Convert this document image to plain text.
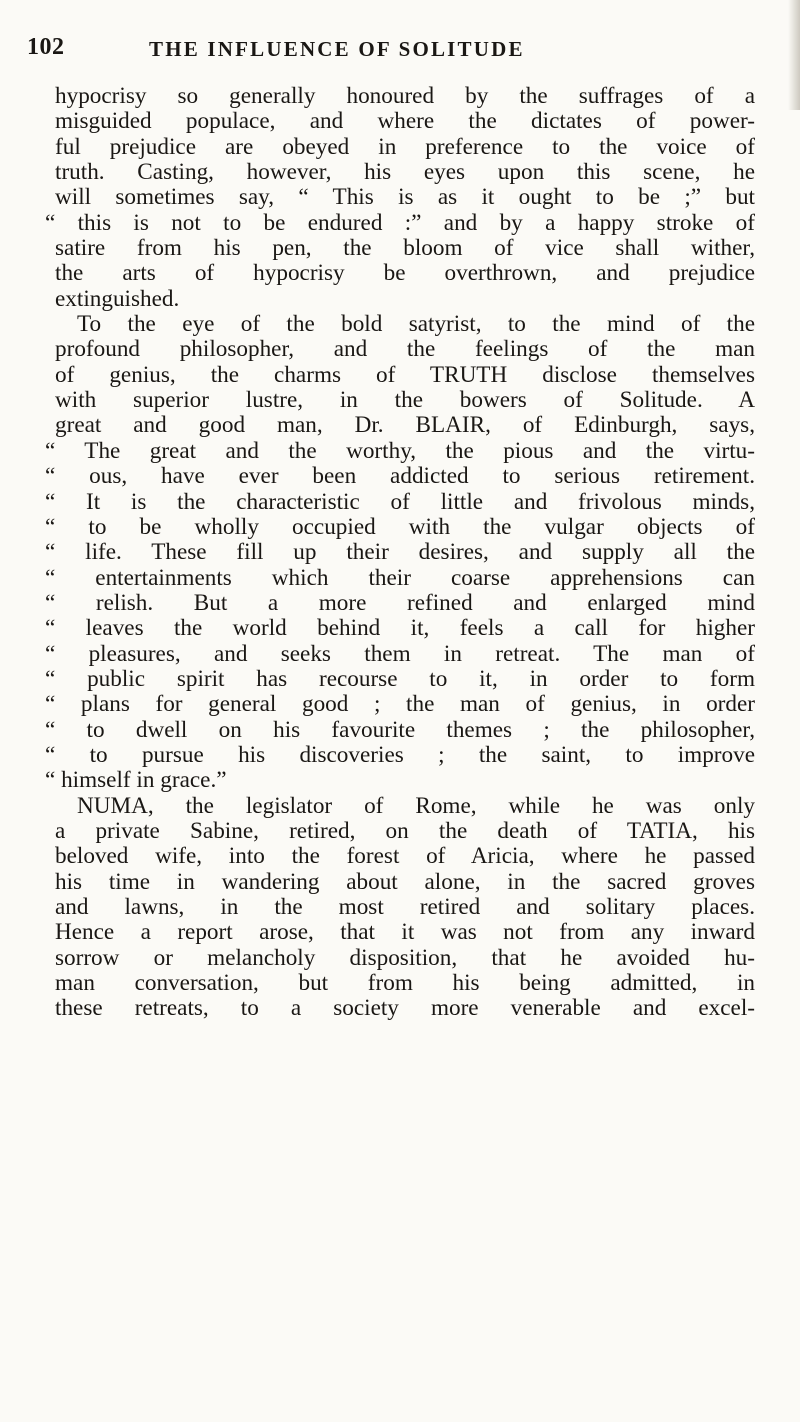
102	THE INFLUENCE OF SOLITUDE
hypocrisy so generally honoured by the suffrages of a
misguided populace, and where the dictates of power-
ful prejudice are obeyed in preference to the voice of
truth. Casting, however, his eyes upon this scene, he
will sometimes say, “ This is as it ought to be ;” but
“ this is not to be endured :” and by a happy stroke of
satire from his pen, the bloom of vice shall wither,
the arts of hypocrisy be overthrown, and prejudice
extinguished.
To the eye of the bold satyrist, to the mind of the
profound philosopher, and the feelings of the man
of genius, the charms of TRUTH disclose themselves
with superior lustre, in the bowers of Solitude. A
great and good man, Dr. BLAIR, of Edinburgh, says,
“ The great and the worthy, the pious and the virtu-
“ ous, have ever been addicted to serious retirement.
“ It is the characteristic of little and frivolous minds,
“ to be wholly occupied with the vulgar objects of
“ life. These fill up their desires, and supply all the
“ entertainments which their coarse apprehensions can
“ relish. But a more refined and enlarged mind
“ leaves the world behind it, feels a call for higher
“ pleasures, and seeks them in retreat. The man of
“ public spirit has recourse to it, in order to form
“ plans for general good ; the man of genius, in order
“ to dwell on his favourite themes ; the philosopher,
“ to pursue his discoveries ; the saint, to improve
“ himself in grace.”
NUMA, the legislator of Rome, while he was only
a private Sabine, retired, on the death of TATIA, his
beloved wife, into the forest of Aricia, where he passed
his time in wandering about alone, in the sacred groves
and lawns, in the most retired and solitary places.
Hence a report arose, that it was not from any inward
sorrow or melancholy disposition, that he avoided hu-
man conversation, but from his being admitted, in
these retreats, to a society more venerable and excel-
